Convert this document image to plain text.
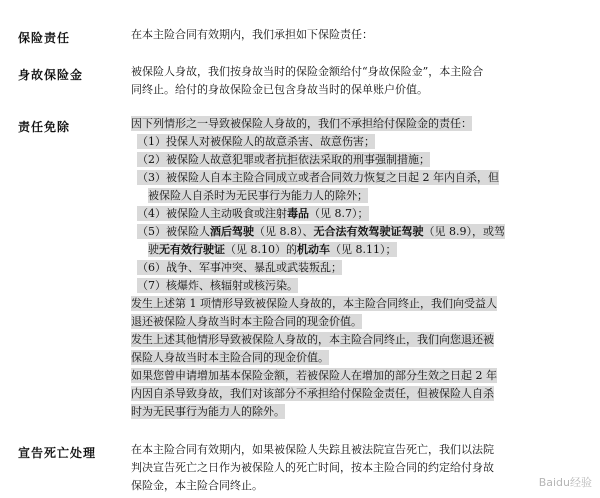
保险责任	在本主险合同有效期内，我们承担如下保险责任：
身故保险金	被保险人身故，我们按身故当时的保险金额给付“身故保险金”，本主险合
同终止。给付的身故保险金已包含身故当时的保单账户价值。
责任免除	因下列情形之一导致被保险人身故的，我们不承担给付保险金的责任：
（1）投保人对被保险人的故意杀害、故意伤害；
（2）被保险人故意犯罪或者抗拒依法采取的刑事强制措施；
（3）被保险人自本主险合同成立或者合同效力恢复之日起 2 年内自杀，但
被保险人自杀时为无民事行为能力人的除外；
（4）被保险人主动吸食或注射毒品（见 8.7）；
（5）被保险人酒后驾驶（见 8.8）、无合法有效驾驶证驾驶（见 8.9），或驾
驶无有效行驶证（见 8.10）的机动车（见 8.11）；
（6）战争、军事冲突、暴乱或武装叛乱；
（7）核爆炸、核辐射或核污染。
发生上述第 1 项情形导致被保险人身故的，本主险合同终止，我们向受益人
退还被保险人身故当时本主险合同的现金价值。
发生上述其他情形导致被保险人身故的，本主险合同终止，我们向您退还被
保险人身故当时本主险合同的现金价值。
如果您曾申请增加基本保险金额，若被保险人在增加的部分生效之日起 2 年
内因自杀导致身故，我们对该部分不承担给付保险金责任，但被保险人自杀
时为无民事行为能力人的除外。
宣告死亡处理	在本主险合同有效期内，如果被保险人失踪且被法院宣告死亡，我们以法院
判决宣告死亡之日作为被保险人的死亡时间，按本主险合同的约定给付身故
保险金，本主险合同终止。	Baidu经验
